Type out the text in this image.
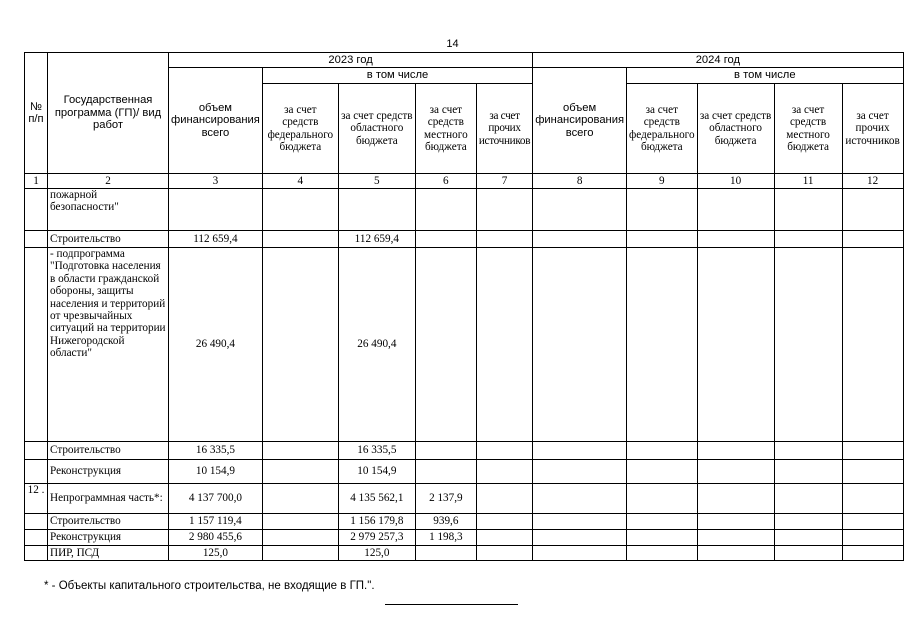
14
№ п/п	Государственная программа (ГП)/ вид работ	2023 год					2024 год				
		объем финансирования всего	в том числе				объем финансирования всего	в том числе			
			за счет средств федерального бюджета	за счет средств областного бюджета	за счет средств местного бюджета	за счет прочих источников		за счет средств федерального бюджета	за счет средств областного бюджета	за счет средств местного бюджета	за счет прочих источников
1	2	3	4	5	6	7	8	9	10	11	12
	пожарной безопасности"										
	Строительство	112 659,4		112 659,4							
	- подпрограмма "Подготовка населения в области гражданской обороны, защиты населения и территорий от чрезвычайных ситуаций на территории Нижегородской области"	26 490,4		26 490,4							
	Строительство	16 335,5		16 335,5							
	Реконструкция	10 154,9		10 154,9							
12 .	Непрограммная часть*:	4 137 700,0		4 135 562,1	2 137,9						
	Строительство	1 157 119,4		1 156 179,8	939,6						
	Реконструкция	2 980 455,6		2 979 257,3	1 198,3						
	ПИР, ПСД	125,0		125,0							
* - Объекты капитального строительства, не входящие в ГП.".
